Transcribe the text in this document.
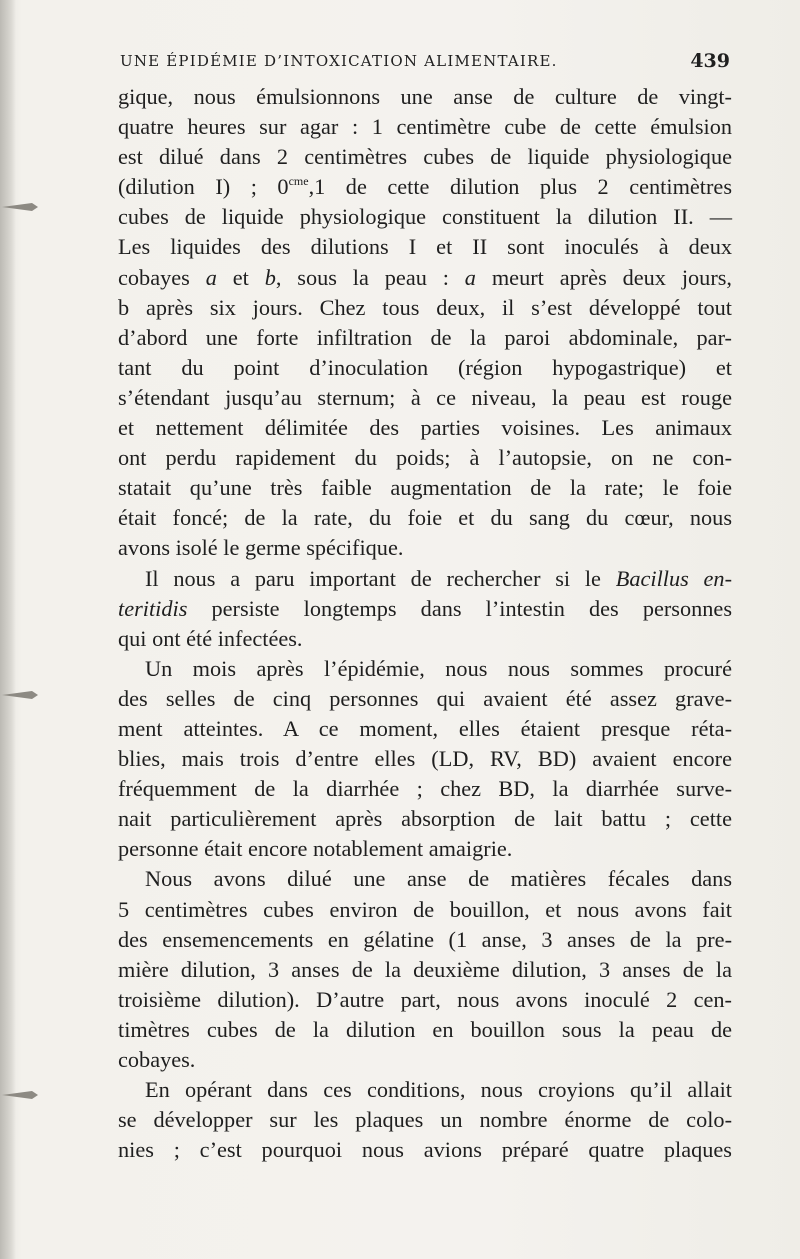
UNE ÉPIDÉMIE D’INTOXICATION ALIMENTAIRE.	439
gique, nous émulsionnons une anse de culture de vingt-
quatre heures sur agar : 1 centimètre cube de cette émulsion
est dilué dans 2 centimètres cubes de liquide physiologique
(dilution I) ; $0^{cme},1$ de cette dilution plus 2 centimètres
cubes de liquide physiologique constituent la dilution II. —
Les liquides des dilutions I et II sont inoculés à deux
cobayes a et b, sous la peau : a meurt après deux jours,
b après six jours. Chez tous deux, il s’est développé tout
d’abord une forte infiltration de la paroi abdominale, par-
tant du point d’inoculation (région hypogastrique) et
s’étendant jusqu’au sternum; à ce niveau, la peau est rouge
et nettement délimitée des parties voisines. Les animaux
ont perdu rapidement du poids; à l’autopsie, on ne con-
statait qu’une très faible augmentation de la rate; le foie
était foncé; de la rate, du foie et du sang du cœur, nous
avons isolé le germe spécifique.
Il nous a paru important de rechercher si le Bacillus en-
teritidis persiste longtemps dans l’intestin des personnes
qui ont été infectées.
Un mois après l’épidémie, nous nous sommes procuré
des selles de cinq personnes qui avaient été assez grave-
ment atteintes. A ce moment, elles étaient presque réta-
blies, mais trois d’entre elles (LD, RV, BD) avaient encore
fréquemment de la diarrhée ; chez BD, la diarrhée surve-
nait particulièrement après absorption de lait battu ; cette
personne était encore notablement amaigrie.
Nous avons dilué une anse de matières fécales dans
5 centimètres cubes environ de bouillon, et nous avons fait
des ensemencements en gélatine (1 anse, 3 anses de la pre-
mière dilution, 3 anses de la deuxième dilution, 3 anses de la
troisième dilution). D’autre part, nous avons inoculé 2 cen-
timètres cubes de la dilution en bouillon sous la peau de
cobayes.
En opérant dans ces conditions, nous croyions qu’il allait
se développer sur les plaques un nombre énorme de colo-
nies ; c’est pourquoi nous avions préparé quatre plaques
